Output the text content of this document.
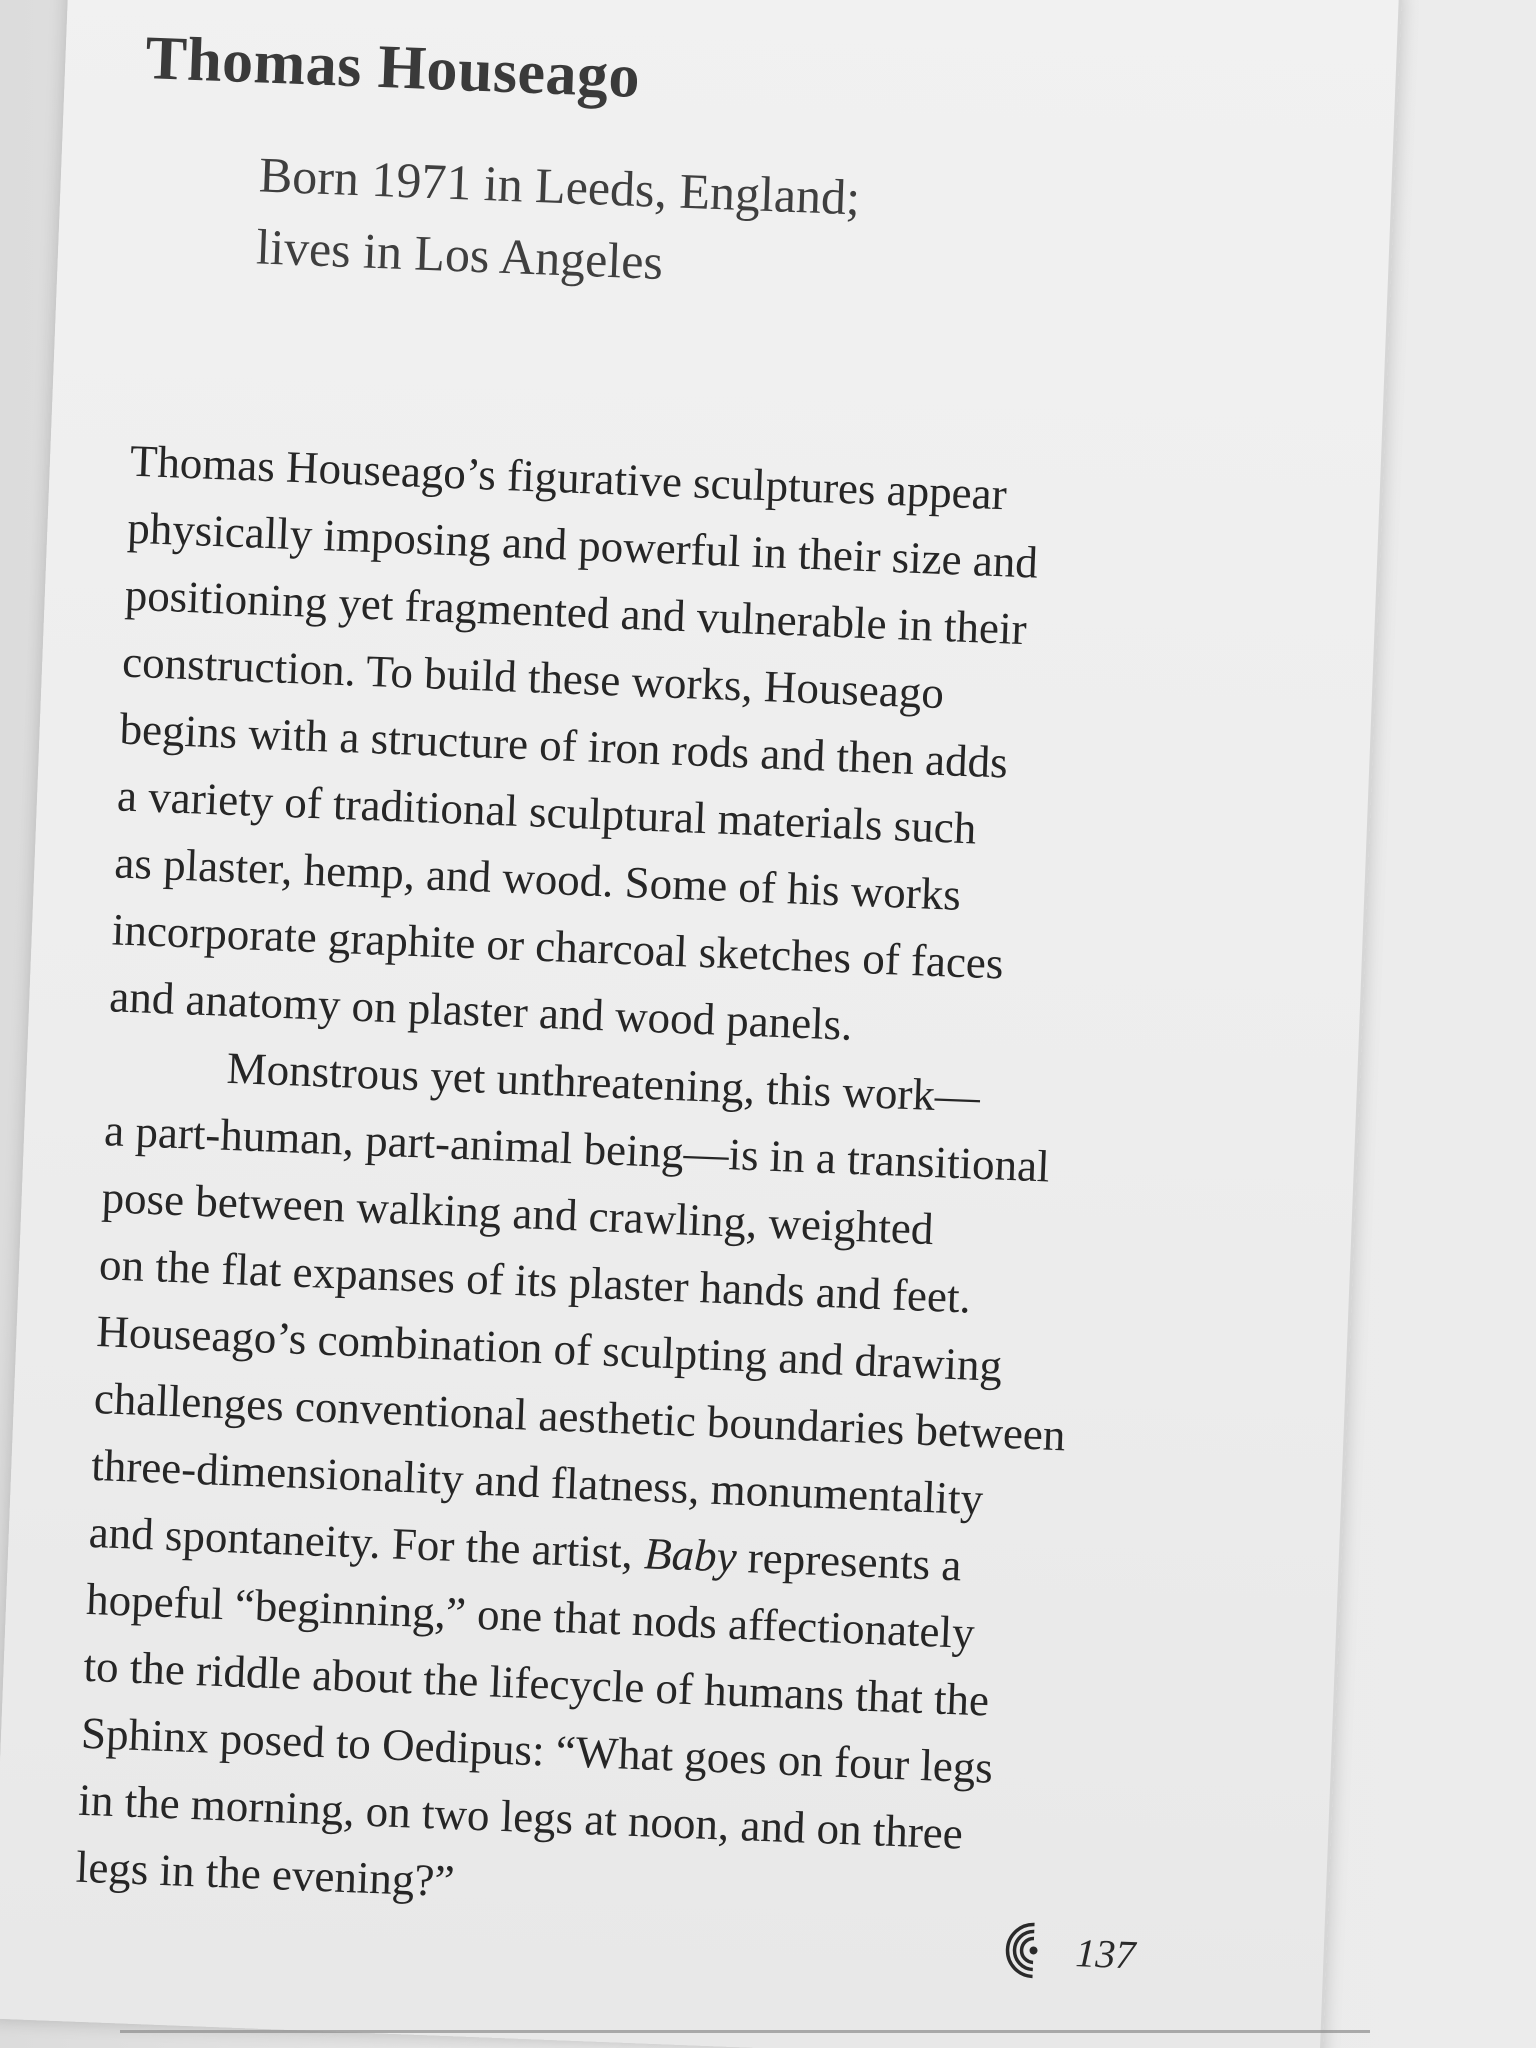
Thomas Houseago
Born 1971 in Leeds, England;
lives in Los Angeles
Thomas Houseago’s figurative sculptures appear
physically imposing and powerful in their size and
positioning yet fragmented and vulnerable in their
construction. To build these works, Houseago
begins with a structure of iron rods and then adds
a variety of traditional sculptural materials such
as plaster, hemp, and wood. Some of his works
incorporate graphite or charcoal sketches of faces
and anatomy on plaster and wood panels.
Monstrous yet unthreatening, this work—
a part-human, part-animal being—is in a transitional
pose between walking and crawling, weighted
on the flat expanses of its plaster hands and feet.
Houseago’s combination of sculpting and drawing
challenges conventional aesthetic boundaries between
three-dimensionality and flatness, monumentality
and spontaneity. For the artist, Baby represents a
hopeful “beginning,” one that nods affectionately
to the riddle about the lifecycle of humans that the
Sphinx posed to Oedipus: “What goes on four legs
in the morning, on two legs at noon, and on three
legs in the evening?”
137
